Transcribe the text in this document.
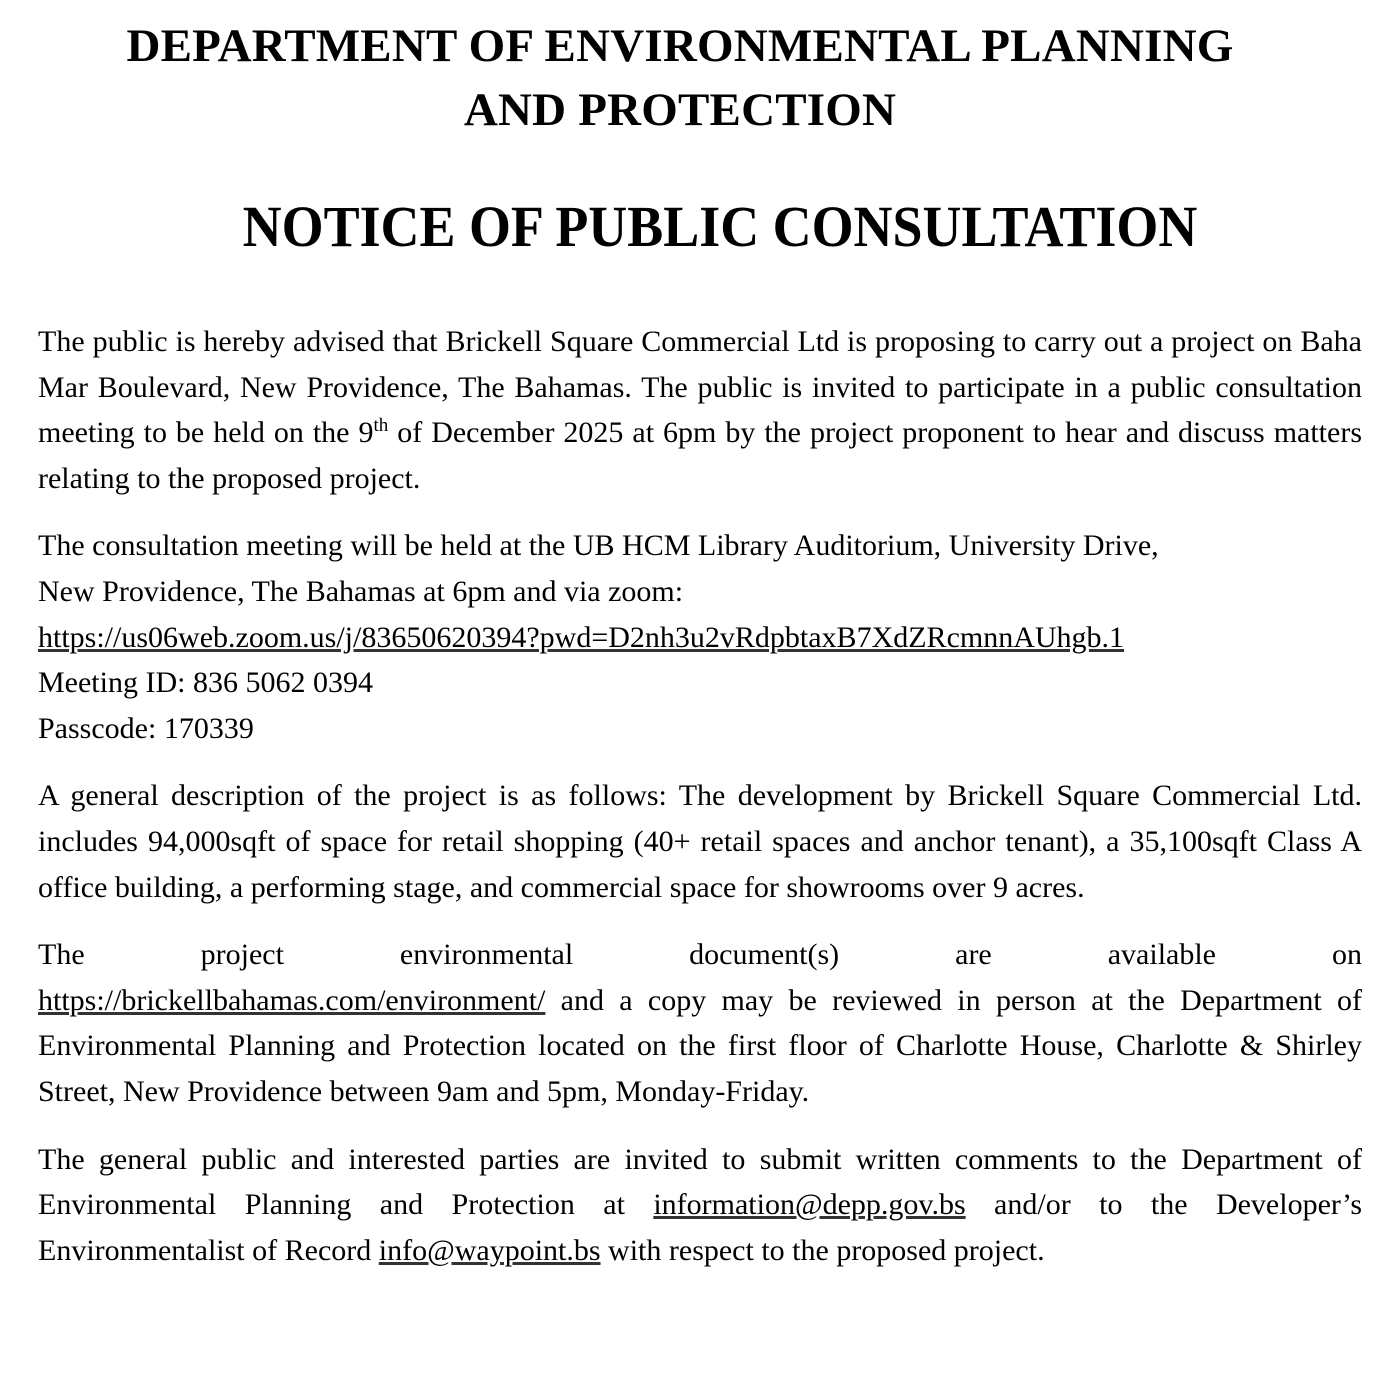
DEPARTMENT OF ENVIRONMENTAL PLANNING
AND PROTECTION
NOTICE OF PUBLIC CONSULTATION

The public is hereby advised that Brickell Square Commercial Ltd is proposing to carry out a project on Baha Mar Boulevard, New Providence, The Bahamas. The public is invited to participate in a public consultation meeting to be held on the 9th of December 2025 at 6pm by the project proponent to hear and discuss matters relating to the proposed project.

The consultation meeting will be held at the UB HCM Library Auditorium, University Drive,
New Providence, The Bahamas at 6pm and via zoom:
https://us06web.zoom.us/j/83650620394?pwd=D2nh3u2vRdpbtaxB7XdZRcmnnAUhgb.1
Meeting ID: 836 5062 0394
Passcode: 170339

A general description of the project is as follows: The development by Brickell Square Commercial Ltd. includes 94,000sqft of space for retail shopping (40+ retail spaces and anchor tenant), a 35,100sqft Class A office building, a performing stage, and commercial space for showrooms over 9 acres.

The project environmental document(s) are available on
https://brickellbahamas.com/environment/ and a copy may be reviewed in person at the Department of Environmental Planning and Protection located on the first floor of Charlotte House, Charlotte & Shirley Street, New Providence between 9am and 5pm, Monday-Friday.

The general public and interested parties are invited to submit written comments to the Department of Environmental Planning and Protection at information@depp.gov.bs and/or to the Developer’s Environmentalist of Record info@waypoint.bs with respect to the proposed project.
